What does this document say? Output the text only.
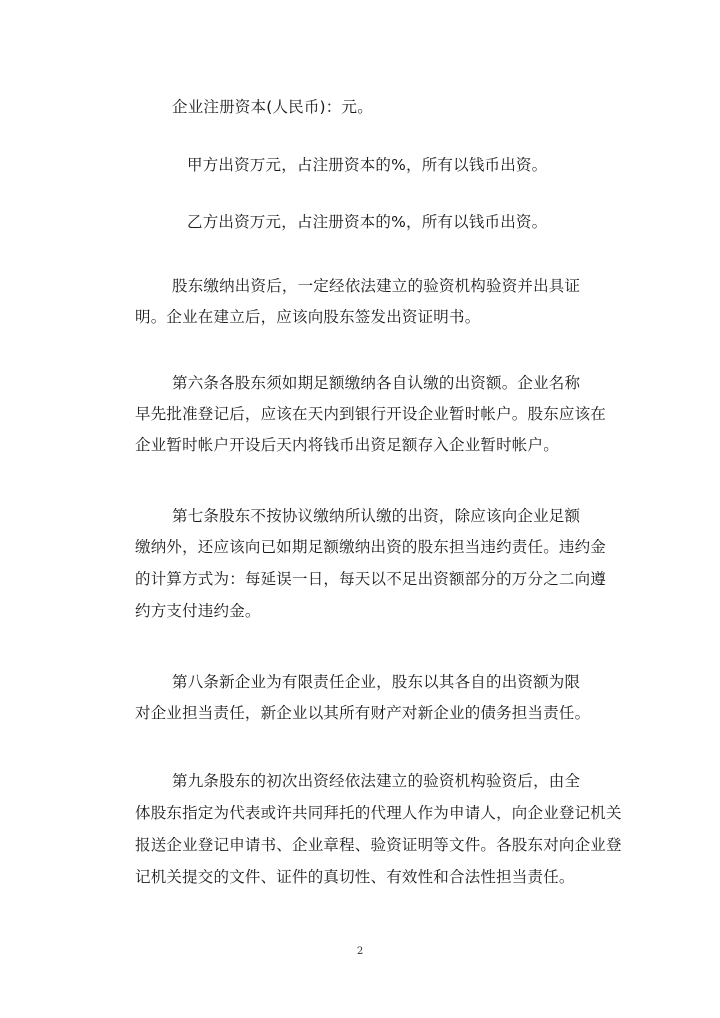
企业注册资本(人民币)：元。
甲方出资万元，占注册资本的%，所有以钱币出资。
乙方出资万元，占注册资本的%，所有以钱币出资。
股东缴纳出资后，一定经依法建立的验资机构验资并出具证
明。企业在建立后，应该向股东签发出资证明书。
第六条各股东须如期足额缴纳各自认缴的出资额。企业名称
早先批准登记后，应该在天内到银行开设企业暂时帐户。股东应该在
企业暂时帐户开设后天内将钱币出资足额存入企业暂时帐户。
第七条股东不按协议缴纳所认缴的出资，除应该向企业足额
缴纳外，还应该向已如期足额缴纳出资的股东担当违约责任。违约金
的计算方式为：每延误一日，每天以不足出资额部分的万分之二向遵
约方支付违约金。
第八条新企业为有限责任企业，股东以其各自的出资额为限
对企业担当责任，新企业以其所有财产对新企业的债务担当责任。
第九条股东的初次出资经依法建立的验资机构验资后，由全
体股东指定为代表或许共同拜托的代理人作为申请人，向企业登记机关
报送企业登记申请书、企业章程、验资证明等文件。各股东对向企业登
记机关提交的文件、证件的真切性、有效性和合法性担当责任。
2
